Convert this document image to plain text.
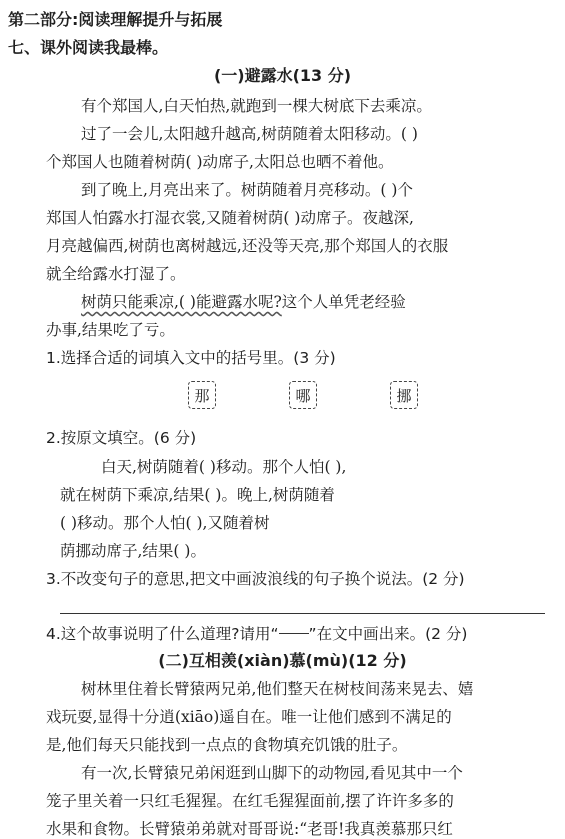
第二部分:阅读理解提升与拓展
七、课外阅读我最棒。
(一)避露水(13 分)
有个郑国人,白天怕热,就跑到一棵大树底下去乘凉。
过了一会儿,太阳越升越高,树荫随着太阳移动。( )
个郑国人也随着树荫( )动席子,太阳总也晒不着他。
到了晚上,月亮出来了。树荫随着月亮移动。( )个
郑国人怕露水打湿衣裳,又随着树荫( )动席子。夜越深,
月亮越偏西,树荫也离树越远,还没等天亮,那个郑国人的衣服
就全给露水打湿了。
树荫只能乘凉,( )能避露水呢?这个人单凭老经验
办事,结果吃了亏。
1.选择合适的词填入文中的括号里。(3 分)
那	哪	挪
2.按原文填空。(6 分)
白天,树荫随着( )移动。那个人怕( ),
就在树荫下乘凉,结果( )。晚上,树荫随着
( )移动。那个人怕( ),又随着树
荫挪动席子,结果( )。
3.不改变句子的意思,把文中画波浪线的句子换个说法。(2 分)
4.这个故事说明了什么道理?请用“ ”在文中画出来。(2 分)
(二)互相羡(xiàn)慕(mù)(12 分)
树林里住着长臂猿两兄弟,他们整天在树枝间荡来晃去、嬉
戏玩耍,显得十分逍(xiāo)遥自在。唯一让他们感到不满足的
是,他们每天只能找到一点点的食物填充饥饿的肚子。
有一次,长臂猿兄弟闲逛到山脚下的动物园,看见其中一个
笼子里关着一只红毛猩猩。在红毛猩猩面前,摆了许许多多的
水果和食物。长臂猿弟弟就对哥哥说:“老哥!我真羡慕那只红
